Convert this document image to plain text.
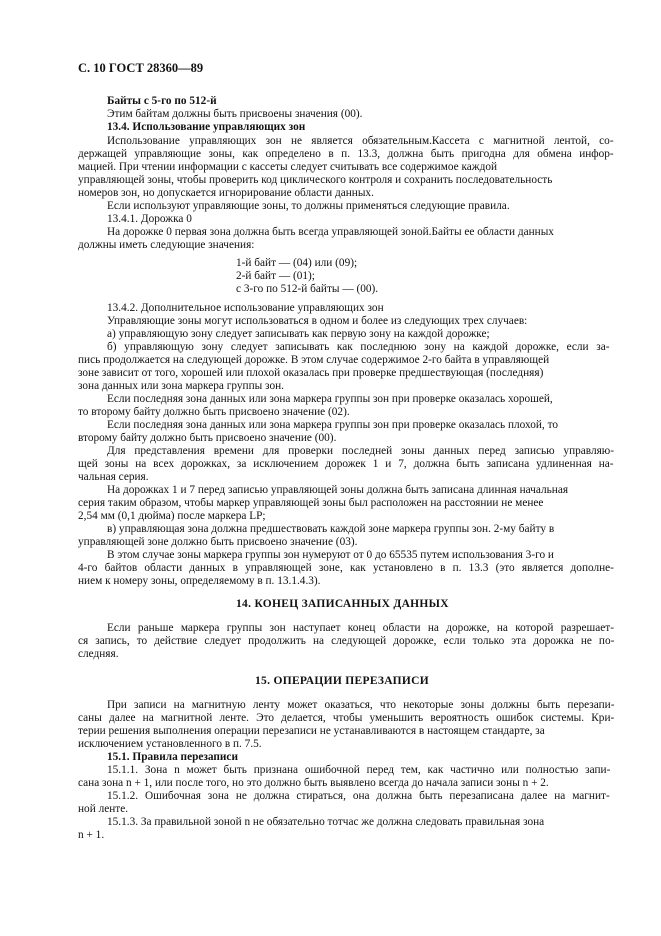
С. 10 ГОСТ 28360—89
Байты с 5-го по 512-й
Этим байтам должны быть присвоены значения (00).
13.4. Использование управляющих зон
Использование управляющих зон не является обязательным.Кассета с магнитной лентой, со-
держащей управляющие зоны, как определено в п. 13.3, должна быть пригодна для обмена инфор-
мацией. При чтении информации с кассеты следует считывать все содержимое каждой
управляющей зоны, чтобы проверить код циклического контроля и сохранить последовательность
номеров зон, но допускается игнорирование области данных.
Если используют управляющие зоны, то должны применяться следующие правила.
13.4.1. Дорожка 0
На дорожке 0 первая зона должна быть всегда управляющей зоной.Байты ее области данных
должны иметь следующие значения:
1-й байт — (04) или (09);
2-й байт — (01);
с 3-го по 512-й байты — (00).
13.4.2. Дополнительное использование управляющих зон
Управляющие зоны могут использоваться в одном и более из следующих трех случаев:
а) управляющую зону следует записывать как первую зону на каждой дорожке;
б) управляющую зону следует записывать как последнюю зону на каждой дорожке, если за-
пись продолжается на следующей дорожке. В этом случае содержимое 2-го байта в управляющей
зоне зависит от того, хорошей или плохой оказалась при проверке предшествующая (последняя)
зона данных или зона маркера группы зон.
Если последняя зона данных или зона маркера группы зон при проверке оказалась хорошей,
то второму байту должно быть присвоено значение (02).
Если последняя зона данных или зона маркера группы зон при проверке оказалась плохой, то
второму байту должно быть присвоено значение (00).
Для представления времени для проверки последней зоны данных перед записью управляю-
щей зоны на всех дорожках, за исключением дорожек 1 и 7, должна быть записана удлиненная на-
чальная серия.
На дорожках 1 и 7 перед записью управляющей зоны должна быть записана длинная начальная
серия таким образом, чтобы маркер управляющей зоны был расположен на расстоянии не менее
2,54 мм (0,1 дюйма) после маркера LP;
в) управляющая зона должна предшествовать каждой зоне маркера группы зон. 2-му байту в
управляющей зоне должно быть присвоено значение (03).
В этом случае зоны маркера группы зон нумеруют от 0 до 65535 путем использования 3-го и
4-го байтов области данных в управляющей зоне, как установлено в п. 13.3 (это является дополне-
нием к номеру зоны, определяемому в п. 13.1.4.3).
14. КОНЕЦ ЗАПИСАННЫХ ДАННЫХ
Если раньше маркера группы зон наступает конец области на дорожке, на которой разрешает-
ся запись, то действие следует продолжить на следующей дорожке, если только эта дорожка не по-
следняя.
15. ОПЕРАЦИИ ПЕРЕЗАПИСИ
При записи на магнитную ленту может оказаться, что некоторые зоны должны быть перезапи-
саны далее на магнитной ленте. Это делается, чтобы уменьшить вероятность ошибок системы. Кри-
терии решения выполнения операции перезаписи не устанавливаются в настоящем стандарте, за
исключением установленного в п. 7.5.
15.1. Правила перезаписи
15.1.1. Зона n может быть признана ошибочной перед тем, как частично или полностью запи-
сана зона n + 1, или после того, но это должно быть выявлено всегда до начала записи зоны n + 2.
15.1.2. Ошибочная зона не должна стираться, она должна быть перезаписана далее на магнит-
ной ленте.
15.1.3. За правильной зоной n не обязательно тотчас же должна следовать правильная зона
n + 1.
